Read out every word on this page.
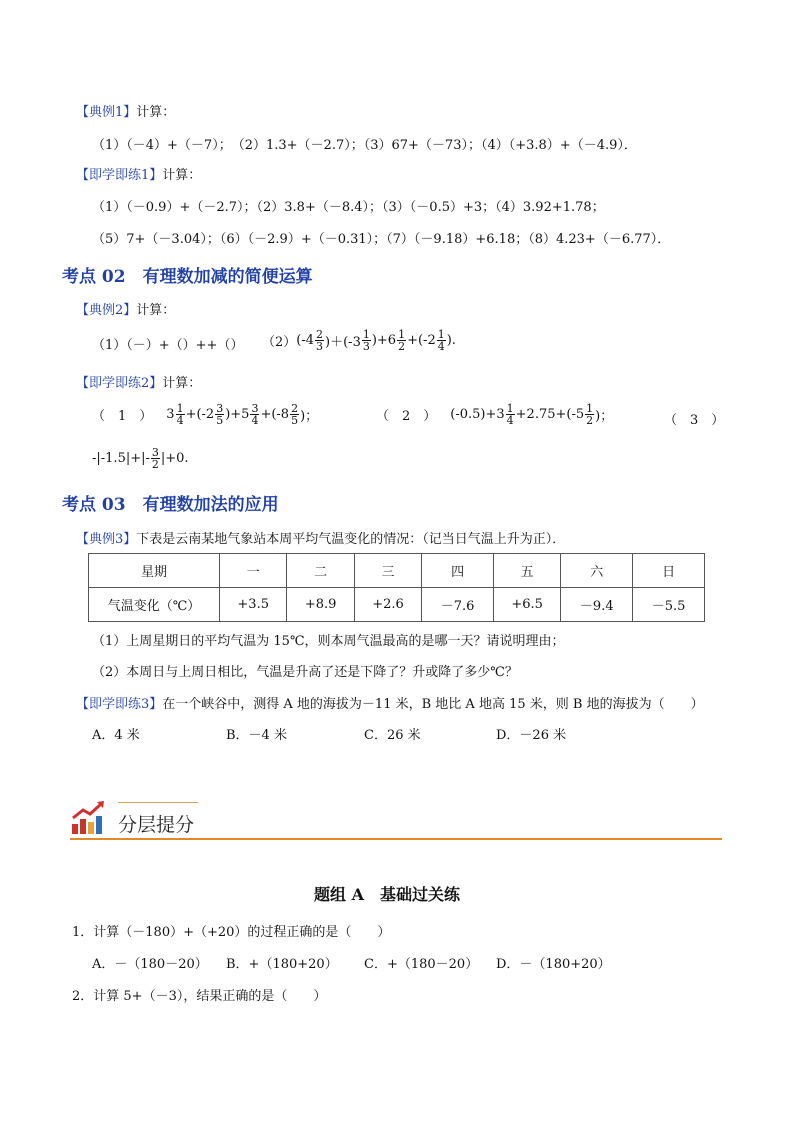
【典例1】计算：
（1）（－4）+（－7）；　（2）1.3+（－2.7）；（3）67+（－73）；（4）（+3.8）+（－4.9）．
【即学即练1】计算：
（1）（－0.9）+（－2.7）；（2）3.8+（－8.4）；（3）（－0.5）+3；（4）3.92+1.78；
（5）7+（－3.04）；（6）（－2.9）+（－0.31）；（7）（－9.18）+6.18；（8）4.23+（－6.77）．
考点 02　有理数加减的简便运算
【典例2】计算：
（1）（－）+（）++（） （2） $(-4 \frac{2}{3} )+(-3 \frac{1}{3} )+6 \frac{1}{2} +(-2 \frac{1}{4}$ ).
【即学即练2】计算：
（　1　） $3 \frac{1}{4} +(-2 \frac{3}{5} )+5 \frac{3}{4} +(-8 \frac{2}{5}$ )；	（　2　） $(-0.5)+3 \frac{1}{4} +2.75+(-5 \frac{1}{2}$ )；	（　3　）
$-|-1.5|+|- \frac{3}{2} |+0$.
考点 03　有理数加法的应用
【典例3】下表是云南某地气象站本周平均气温变化的情况：（记当日气温上升为正）．
星期	一	二	三	四	五	六	日
气温变化（℃）	+3.5	+8.9	+2.6	－7.6	+6.5	－9.4	－5.5
（1）上周星期日的平均气温为 15℃，则本周气温最高的是哪一天？请说明理由；
（2）本周日与上周日相比，气温是升高了还是下降了？升或降了多少℃？
【即学即练3】在一个峡谷中，测得 A 地的海拔为－11 米，B 地比 A 地高 15 米，则 B 地的海拔为（　　）
A．4 米	B．－4 米	C．26 米	D．－26 米
分层提分
题组 A　基础过关练
1．计算（－180）+（+20）的过程正确的是（　　）
A．－（180－20） B．+（180+20） C．+（180－20） D．－（180+20）
2．计算 5+（－3），结果正确的是（　　）
